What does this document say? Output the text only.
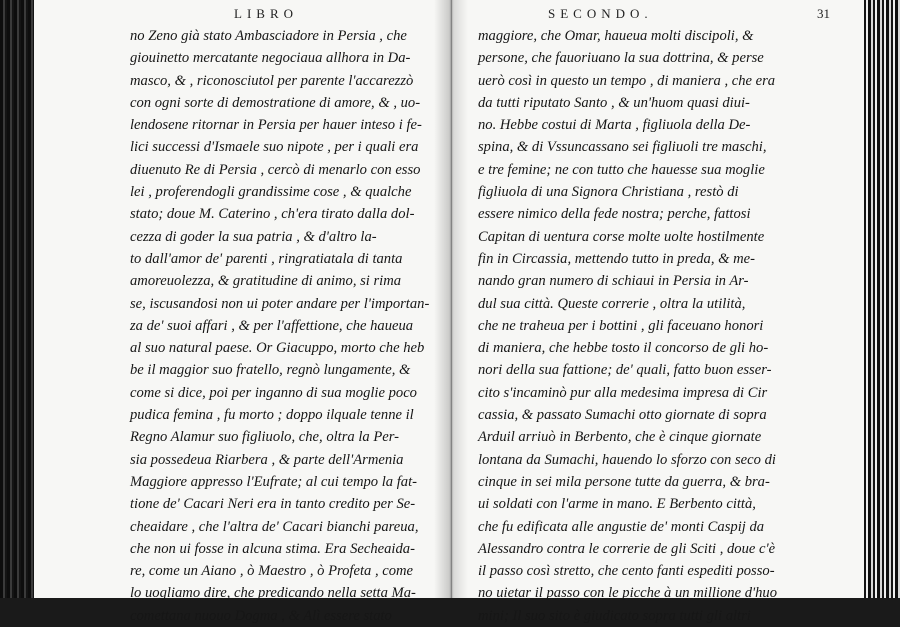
LIBRO
no Zeno già stato Ambasciadore in Persia , che
giouinetto mercatante negociaua allhora in Da-
masco, & , riconosciutol per parente l'accarezzò
con ogni sorte di demostratione di amore, & , uo-
lendosene ritornar in Persia per hauer inteso i fe-
lici successi d'Ismaele suo nipote , per i quali era
diuenuto Re di Persia , cercò di menarlo con esso
lei , proferendogli grandissime cose , & qualche
stato; doue M. Caterino , ch'era tirato dalla dol-
cezza di goder la sua patria , & d'altro la-
to dall'amor de' parenti , ringratiatala di tanta
amoreuolezza, & gratitudine di animo, si rima
se, iscusandosi non ui poter andare per l'importan-
za de' suoi affari , & per l'affettione, che haueua
al suo natural paese. Or Giacuppo, morto che heb
be il maggior suo fratello, regnò lungamente, &
come si dice, poi per inganno di sua moglie poco
pudica femina , fu morto ; doppo ilquale tenne il
Regno Alamur suo figliuolo, che, oltra la Per-
sia possedeua Riarbera , & parte dell'Armenia
Maggiore appresso l'Eufrate; al cui tempo la fat-
tione de' Cacari Neri era in tanto credito per Se-
cheaidare , che l'altra de' Cacari bianchi pareua,
che non ui fosse in alcuna stima. Era Secheaida-
re, come un Aiano , ò Maestro , ò Profeta , come
lo uogliamo dire, che predicando nella setta Ma-
comettana nuouo Dogma , & Alì essere stato
SECONDO.	31
maggiore, che Omar, haueua molti discipoli, &
persone, che fauoriuano la sua dottrina, & perse
uerò così in questo un tempo , di maniera , che era
da tutti riputato Santo , & un'huom quasi diui-
no. Hebbe costui di Marta , figliuola della De-
spina, & di Vssuncassano sei figliuoli tre maschi,
e tre femine; ne con tutto che hauesse sua moglie
figliuola di una Signora Christiana , restò di
essere nimico della fede nostra; perche, fattosi
Capitan di uentura corse molte uolte hostilmente
fin in Circassia, mettendo tutto in preda, & me-
nando gran numero di schiaui in Persia in Ar-
dul sua città. Queste correrie , oltra la utilità,
che ne traheua per i bottini , gli faceuano honori
di maniera, che hebbe tosto il concorso de gli ho-
nori della sua fattione; de' quali, fatto buon esser-
cito s'incaminò pur alla medesima impresa di Cir
cassia, & passato Sumachi otto giornate di sopra
Arduil arriuò in Berbento, che è cinque giornate
lontana da Sumachi, hauendo lo sforzo con seco di
cinque in sei mila persone tutte da guerra, & bra-
ui soldati con l'arme in mano. E Berbento città,
che fu edificata alle angustie de' monti Caspij da
Alessandro contra le correrie de gli Sciti , doue c'è
il passo così stretto, che cento fanti espediti posso-
no uietar il passo con le picche à un millione d'huo
mini; Il suo sito è giudicato sopra tutti gli altri
